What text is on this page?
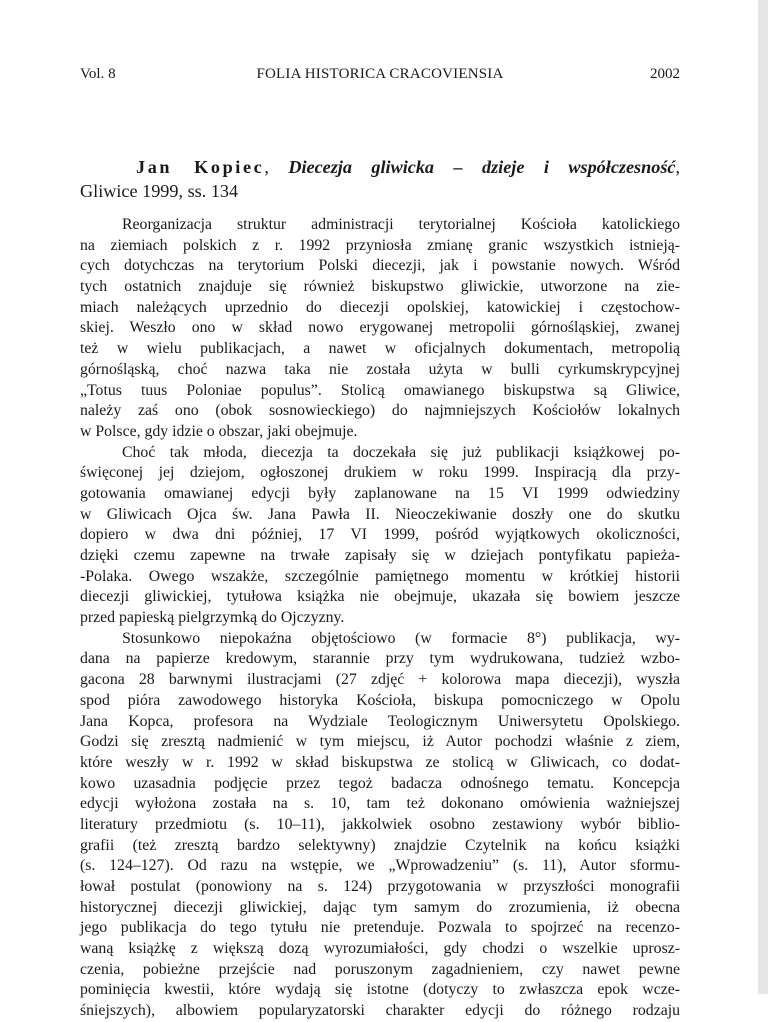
Vol. 8	FOLIA HISTORICA CRACOVIENSIA	2002
Jan Kopiec, Diecezja gliwicka – dzieje i współczesność,
Gliwice 1999, ss. 134
Reorganizacja struktur administracji terytorialnej Kościoła katolickiego
na ziemiach polskich z r. 1992 przyniosła zmianę granic wszystkich istnieją-
cych dotychczas na terytorium Polski diecezji, jak i powstanie nowych. Wśród
tych ostatnich znajduje się również biskupstwo gliwickie, utworzone na zie-
miach należących uprzednio do diecezji opolskiej, katowickiej i częstochow-
skiej. Weszło ono w skład nowo erygowanej metropolii górnośląskiej, zwanej
też w wielu publikacjach, a nawet w oficjalnych dokumentach, metropolią
górnośląską, choć nazwa taka nie została użyta w bulli cyrkumskrypcyjnej
„Totus tuus Poloniae populus”. Stolicą omawianego biskupstwa są Gliwice,
należy zaś ono (obok sosnowieckiego) do najmniejszych Kościołów lokalnych
w Polsce, gdy idzie o obszar, jaki obejmuje.
Choć tak młoda, diecezja ta doczekała się już publikacji książkowej po-
święconej jej dziejom, ogłoszonej drukiem w roku 1999. Inspiracją dla przy-
gotowania omawianej edycji były zaplanowane na 15 VI 1999 odwiedziny
w Gliwicach Ojca św. Jana Pawła II. Nieoczekiwanie doszły one do skutku
dopiero w dwa dni później, 17 VI 1999, pośród wyjątkowych okoliczności,
dzięki czemu zapewne na trwałe zapisały się w dziejach pontyfikatu papieża-
-Polaka. Owego wszakże, szczególnie pamiętnego momentu w krótkiej historii
diecezji gliwickiej, tytułowa książka nie obejmuje, ukazała się bowiem jeszcze
przed papieską pielgrzymką do Ojczyzny.
Stosunkowo niepokaźna objętościowo (w formacie 8°) publikacja, wy-
dana na papierze kredowym, starannie przy tym wydrukowana, tudzież wzbo-
gacona 28 barwnymi ilustracjami (27 zdjęć + kolorowa mapa diecezji), wyszła
spod pióra zawodowego historyka Kościoła, biskupa pomocniczego w Opolu
Jana Kopca, profesora na Wydziale Teologicznym Uniwersytetu Opolskiego.
Godzi się zresztą nadmienić w tym miejscu, iż Autor pochodzi właśnie z ziem,
które weszły w r. 1992 w skład biskupstwa ze stolicą w Gliwicach, co dodat-
kowo uzasadnia podjęcie przez tegoż badacza odnośnego tematu. Koncepcja
edycji wyłożona została na s. 10, tam też dokonano omówienia ważniejszej
literatury przedmiotu (s. 10–11), jakkolwiek osobno zestawiony wybór biblio-
grafii (też zresztą bardzo selektywny) znajdzie Czytelnik na końcu książki
(s. 124–127). Od razu na wstępie, we „Wprowadzeniu” (s. 11), Autor sformu-
łował postulat (ponowiony na s. 124) przygotowania w przyszłości monografii
historycznej diecezji gliwickiej, dając tym samym do zrozumienia, iż obecna
jego publikacja do tego tytułu nie pretenduje. Pozwala to spojrzeć na recenzo-
waną książkę z większą dozą wyrozumiałości, gdy chodzi o wszelkie uprosz-
czenia, pobieżne przejście nad poruszonym zagadnieniem, czy nawet pewne
pominięcia kwestii, które wydają się istotne (dotyczy to zwłaszcza epok wcze-
śniejszych), albowiem popularyzatorski charakter edycji do różnego rodzaju
